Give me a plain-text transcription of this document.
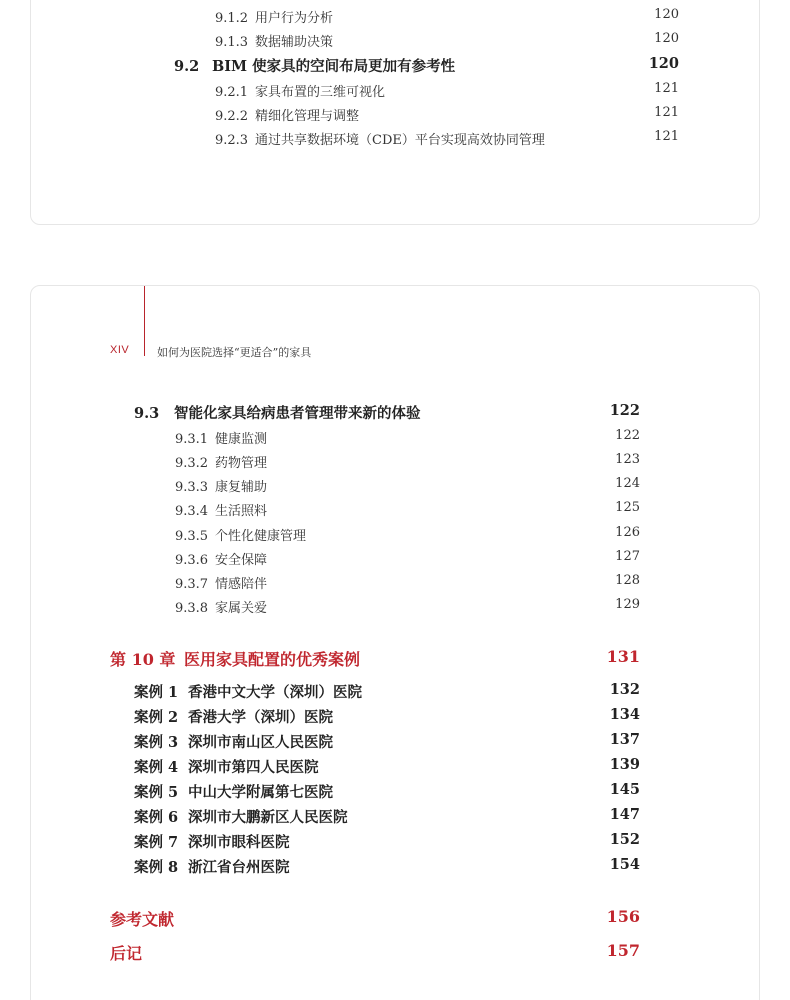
9.1.2 用户行为分析	120
9.1.3 数据辅助决策	120
9.2 BIM 使家具的空间布局更加有参考性	120
9.2.1 家具布置的三维可视化	121
9.2.2 精细化管理与调整	121
9.2.3 通过共享数据环境（CDE）平台实现高效协同管理	121
XIV	如何为医院选择“更适合”的家具
9.3	智能化家具给病患者管理带来新的体验	122
9.3.1 健康监测	122
9.3.2 药物管理	123
9.3.3 康复辅助	124
9.3.4 生活照料	125
9.3.5 个性化健康管理	126
9.3.6 安全保障	127
9.3.7 情感陪伴	128
9.3.8 家属关爱	129
第 10 章 医用家具配置的优秀案例	131
案例 1 香港中文大学（深圳）医院	132
案例 2 香港大学（深圳）医院	134
案例 3 深圳市南山区人民医院	137
案例 4 深圳市第四人民医院	139
案例 5 中山大学附属第七医院	145
案例 6 深圳市大鹏新区人民医院	147
案例 7 深圳市眼科医院	152
案例 8 浙江省台州医院	154
参考文献	156
后记	157
